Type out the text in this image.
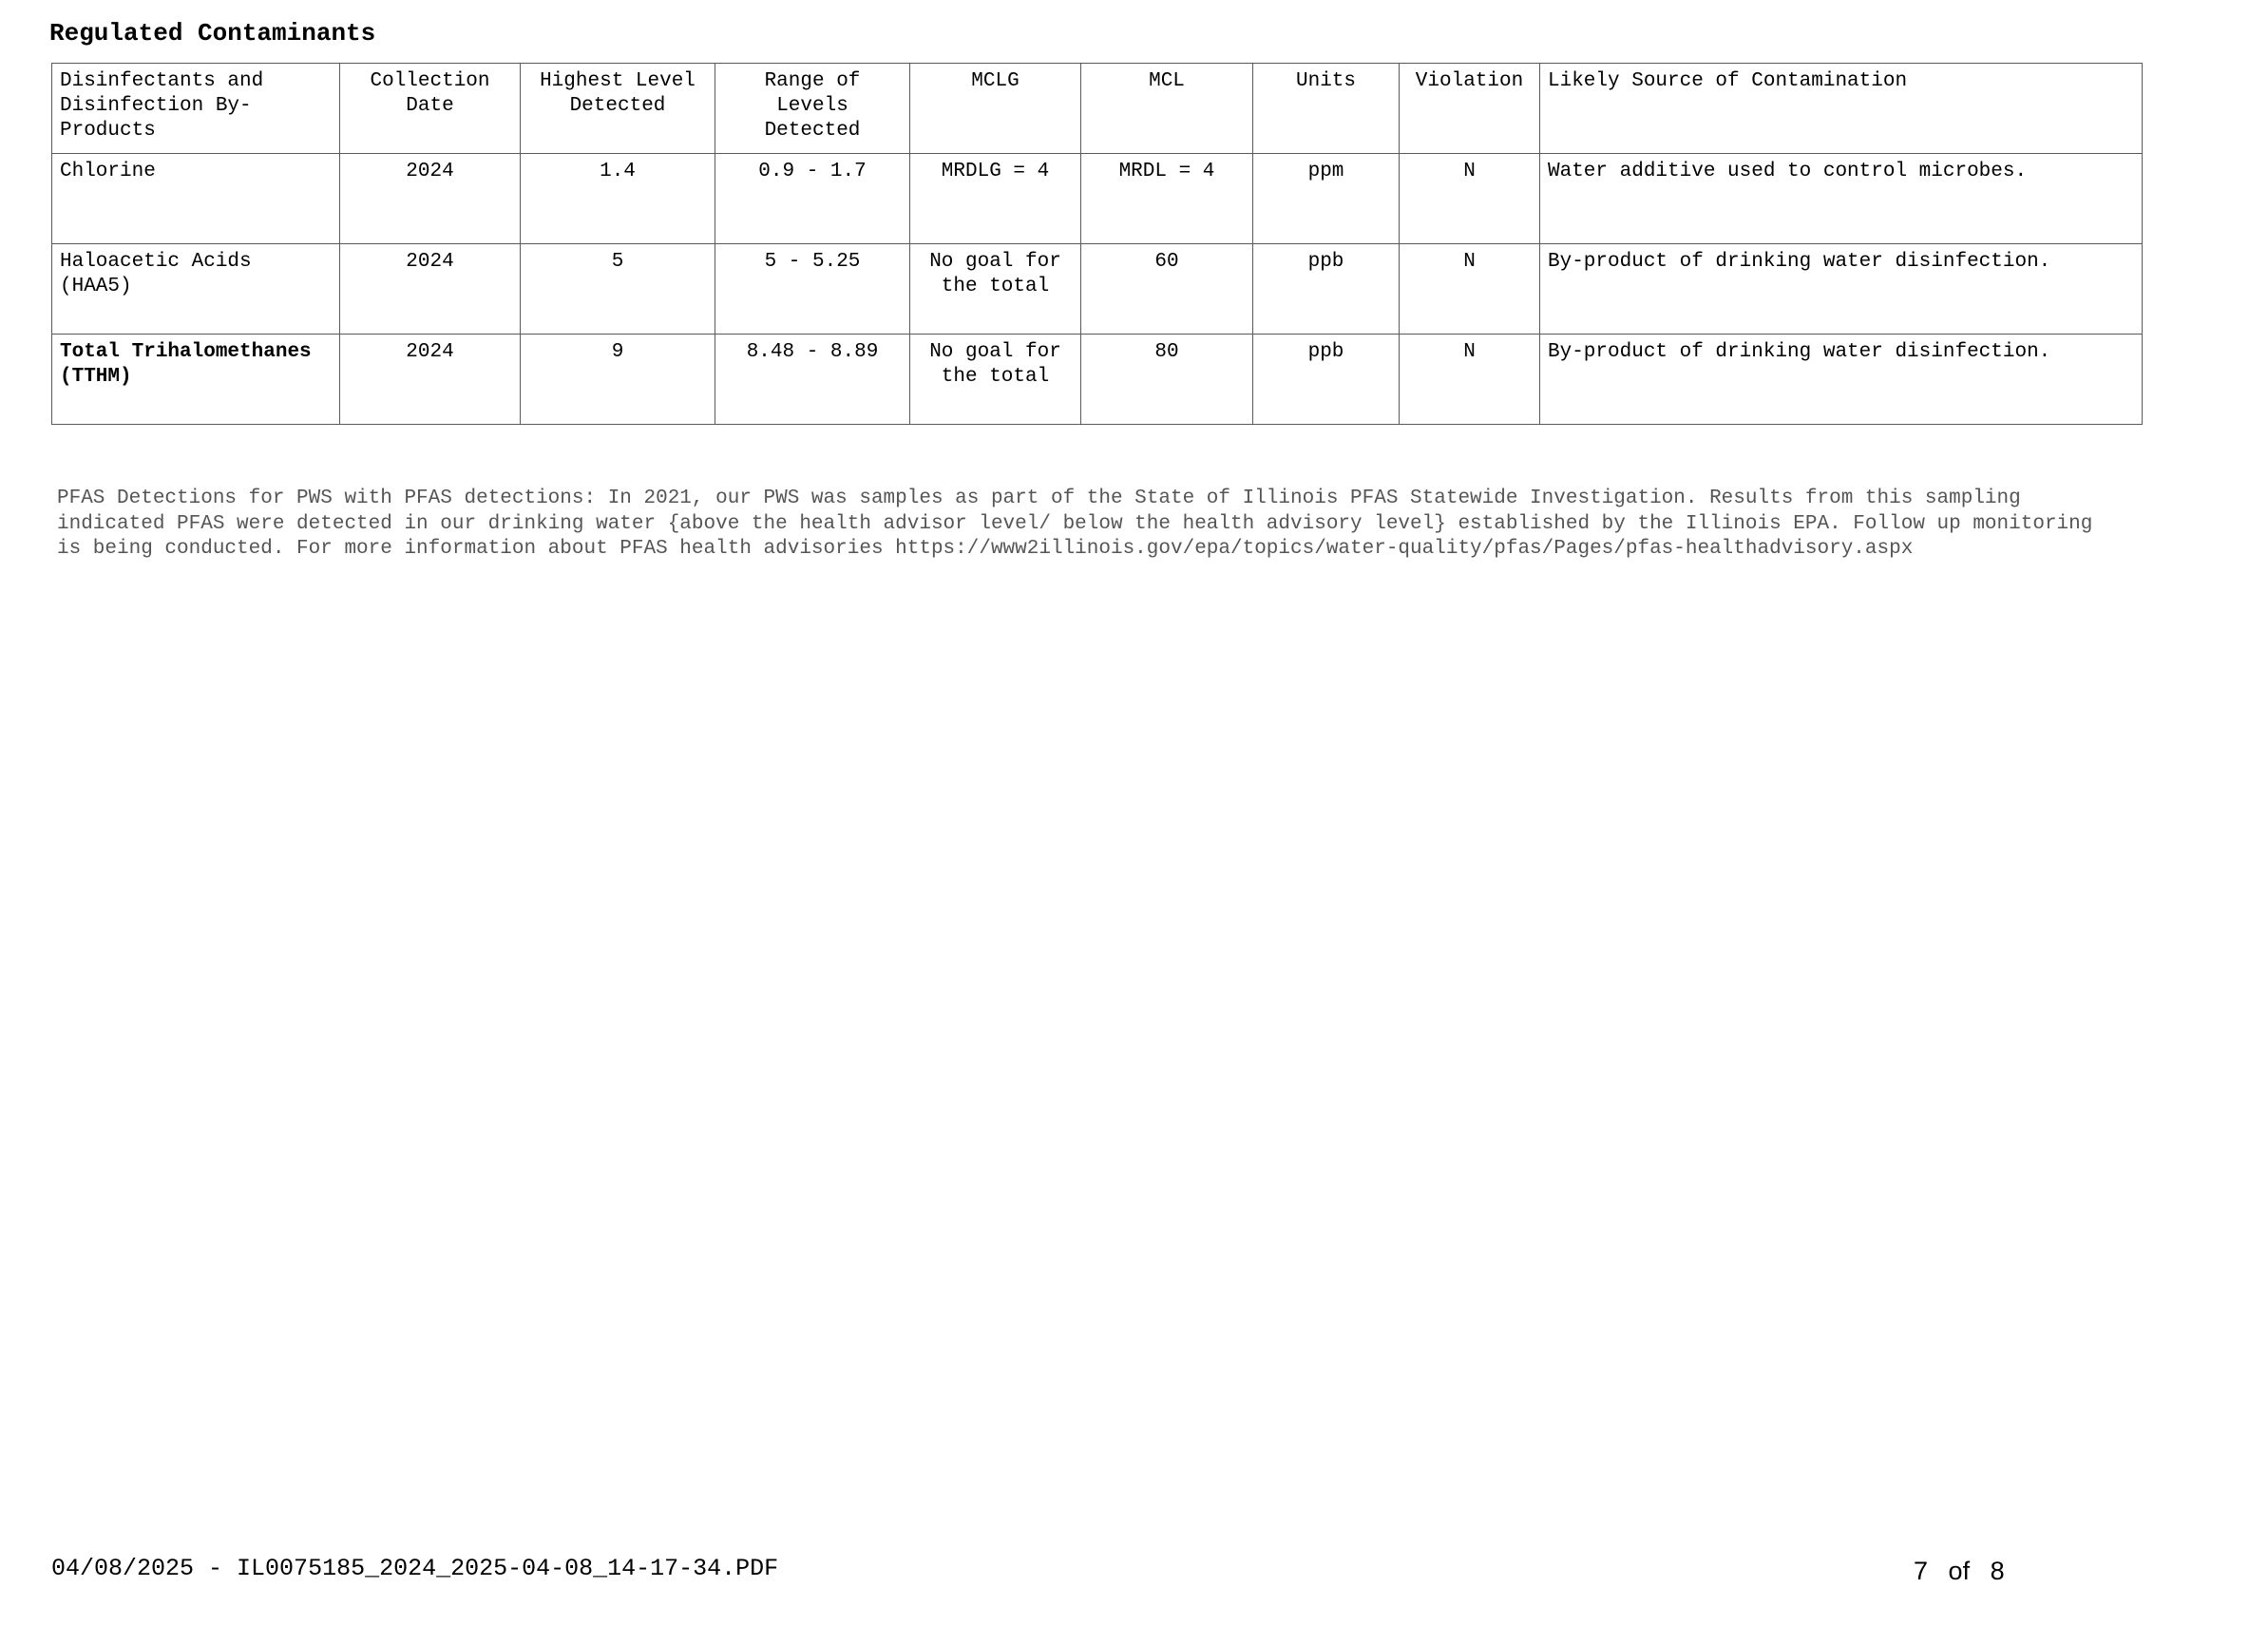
Regulated Contaminants
Disinfectants and Disinfection By-Products	Collection Date	Highest Level Detected	Range of Levels Detected	MCLG	MCL	Units	Violation	Likely Source of Contamination
Chlorine	2024	1.4	0.9 - 1.7	MRDLG = 4	MRDL = 4	ppm	N	Water additive used to control microbes.
Haloacetic Acids (HAA5)	2024	5	5 - 5.25	No goal for the total	60	ppb	N	By-product of drinking water disinfection.
Total Trihalomethanes (TTHM)	2024	9	8.48 - 8.89	No goal for the total	80	ppb	N	By-product of drinking water disinfection.

PFAS Detections for PWS with PFAS detections: In 2021, our PWS was samples as part of the State of Illinois PFAS Statewide Investigation. Results from this sampling indicated PFAS were detected in our drinking water {above the health advisor level/ below the health advisory level} established by the Illinois EPA. Follow up monitoring is being conducted. For more information about PFAS health advisories https://www2illinois.gov/epa/topics/water-quality/pfas/Pages/pfas-healthadvisory.aspx

04/08/2025 - IL0075185_2024_2025-04-08_14-17-34.PDF	7 of 8
